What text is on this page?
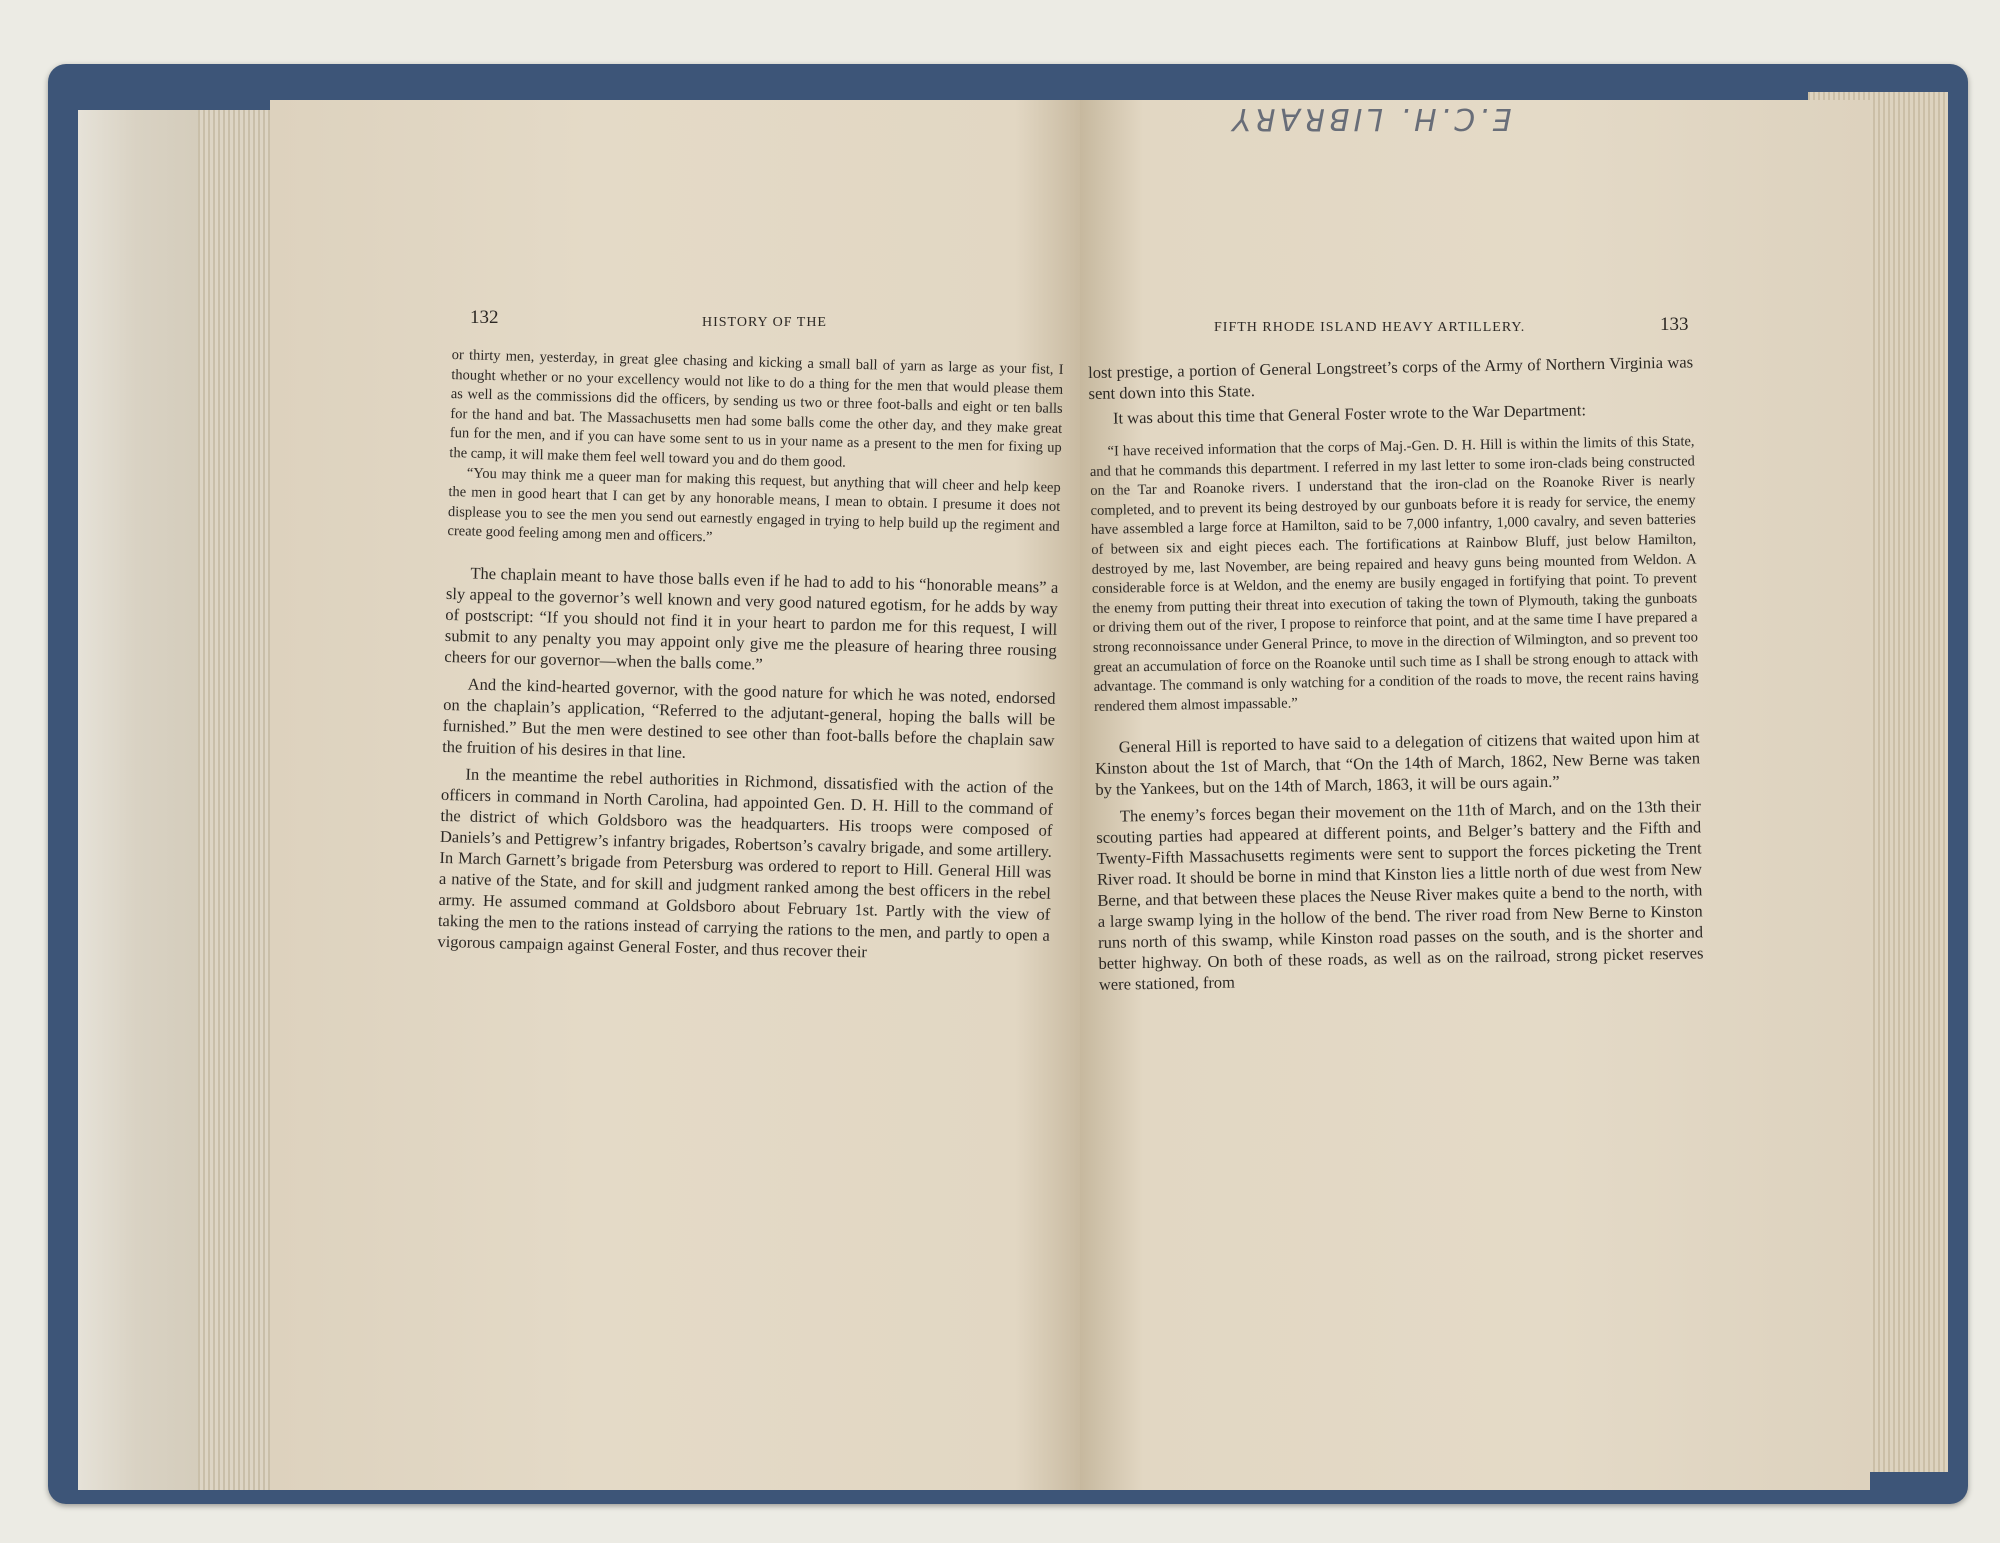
E.C.H. LIBRARY
132	HISTORY OF THE	FIFTH RHODE ISLAND HEAVY ARTILLERY.	133

or thirty men, yesterday, in great glee chasing and kicking a small ball of yarn as large as your fist, I thought whether or no your excellency would not like to do a thing for the men that would please them as well as the commissions did the officers, by sending us two or three foot-balls and eight or ten balls for the hand and bat. The Massachusetts men had some balls come the other day, and they make great fun for the men, and if you can have some sent to us in your name as a present to the men for fixing up the camp, it will make them feel well toward you and do them good.

“You may think me a queer man for making this request, but anything that will cheer and help keep the men in good heart that I can get by any honorable means, I mean to obtain. I presume it does not displease you to see the men you send out earnestly engaged in trying to help build up the regiment and create good feeling among men and officers.”

The chaplain meant to have those balls even if he had to add to his “honorable means” a sly appeal to the governor’s well known and very good natured egotism, for he adds by way of postscript: “If you should not find it in your heart to pardon me for this request, I will submit to any penalty you may appoint only give me the pleasure of hearing three rousing cheers for our governor—when the balls come.”

And the kind-hearted governor, with the good nature for which he was noted, endorsed on the chaplain’s application, “Referred to the adjutant-general, hoping the balls will be furnished.” But the men were destined to see other than foot-balls before the chaplain saw the fruition of his desires in that line.

In the meantime the rebel authorities in Richmond, dissatisfied with the action of the officers in command in North Carolina, had appointed Gen. D. H. Hill to the command of the district of which Goldsboro was the headquarters. His troops were composed of Daniels’s and Pettigrew’s infantry brigades, Robertson’s cavalry brigade, and some artillery. In March Garnett’s brigade from Petersburg was ordered to report to Hill. General Hill was a native of the State, and for skill and judgment ranked among the best officers in the rebel army. He assumed command at Goldsboro about February 1st. Partly with the view of taking the men to the rations instead of carrying the rations to the men, and partly to open a vigorous campaign against General Foster, and thus recover their

lost prestige, a portion of General Longstreet’s corps of the Army of Northern Virginia was sent down into this State.

It was about this time that General Foster wrote to the War Department:

“I have received information that the corps of Maj.-Gen. D. H. Hill is within the limits of this State, and that he commands this department. I referred in my last letter to some iron-clads being constructed on the Tar and Roanoke rivers. I understand that the iron-clad on the Roanoke River is nearly completed, and to prevent its being destroyed by our gunboats before it is ready for service, the enemy have assembled a large force at Hamilton, said to be 7,000 infantry, 1,000 cavalry, and seven batteries of between six and eight pieces each. The fortifications at Rainbow Bluff, just below Hamilton, destroyed by me, last November, are being repaired and heavy guns being mounted from Weldon. A considerable force is at Weldon, and the enemy are busily engaged in fortifying that point. To prevent the enemy from putting their threat into execution of taking the town of Plymouth, taking the gunboats or driving them out of the river, I propose to reinforce that point, and at the same time I have prepared a strong reconnoissance under General Prince, to move in the direction of Wilmington, and so prevent too great an accumulation of force on the Roanoke until such time as I shall be strong enough to attack with advantage. The command is only watching for a condition of the roads to move, the recent rains having rendered them almost impassable.”

General Hill is reported to have said to a delegation of citizens that waited upon him at Kinston about the 1st of March, that “On the 14th of March, 1862, New Berne was taken by the Yankees, but on the 14th of March, 1863, it will be ours again.”

The enemy’s forces began their movement on the 11th of March, and on the 13th their scouting parties had appeared at different points, and Belger’s battery and the Fifth and Twenty-Fifth Massachusetts regiments were sent to support the forces picketing the Trent River road. It should be borne in mind that Kinston lies a little north of due west from New Berne, and that between these places the Neuse River makes quite a bend to the north, with a large swamp lying in the hollow of the bend. The river road from New Berne to Kinston runs north of this swamp, while Kinston road passes on the south, and is the shorter and better highway. On both of these roads, as well as on the railroad, strong picket reserves were stationed, from
